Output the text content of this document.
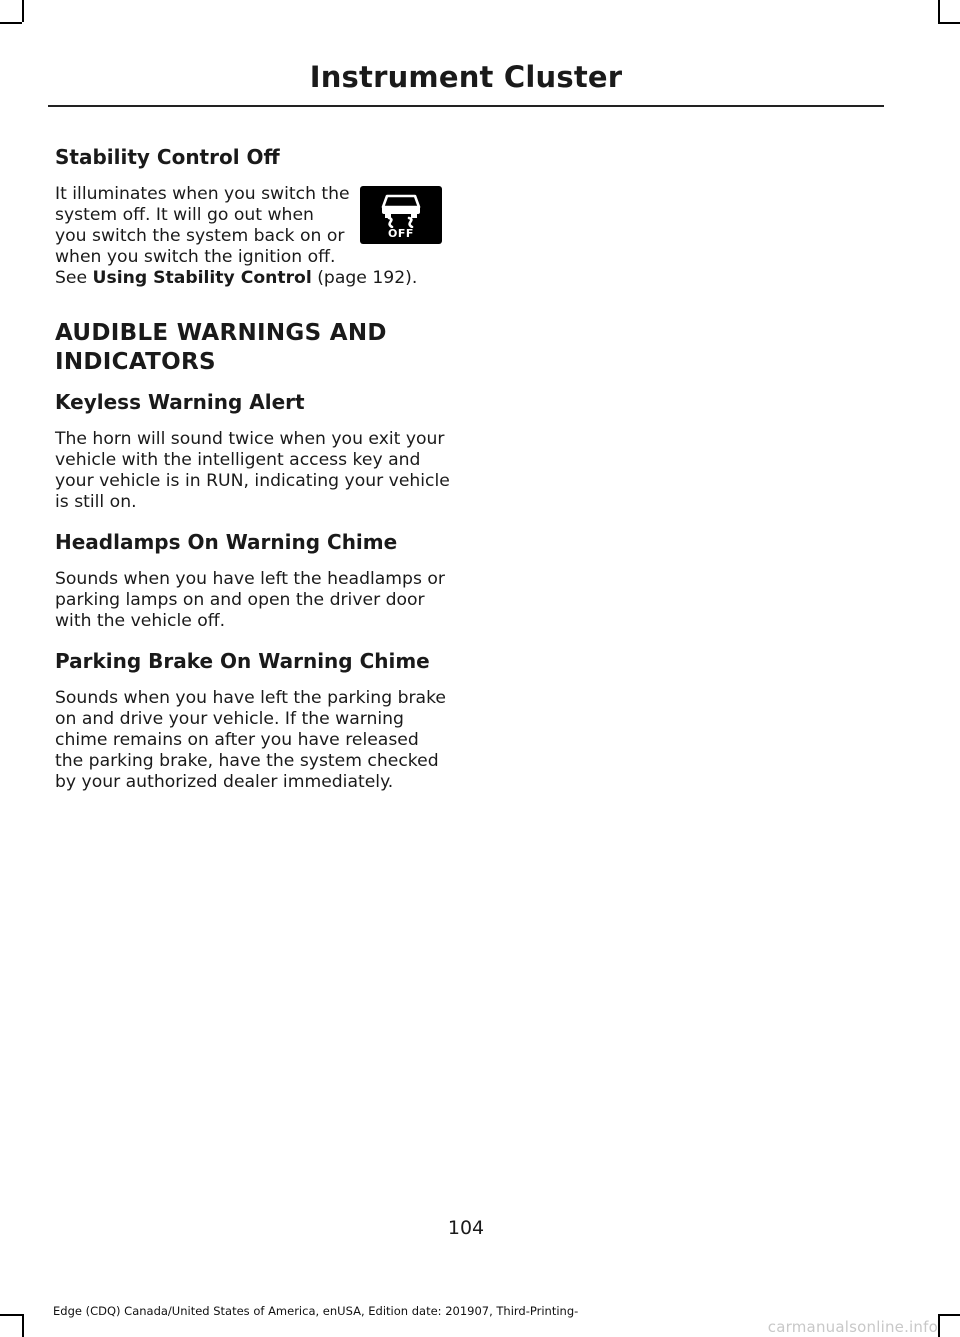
Instrument Cluster
Stability Control Off
OFF

It illuminates when you switch the system off. It will go out when you switch the system back on or when you switch the ignition off. See Using Stability Control (page 192).

AUDIBLE WARNINGS AND
INDICATORS
Keyless Warning Alert

The horn will sound twice when you exit your vehicle with the intelligent access key and your vehicle is in RUN, indicating your vehicle is still on.

Headlamps On Warning Chime

Sounds when you have left the headlamps or parking lamps on and open the driver door with the vehicle off.

Parking Brake On Warning Chime

Sounds when you have left the parking brake on and drive your vehicle. If the warning chime remains on after you have released the parking brake, have the system checked by your authorized dealer immediately.

104
Edge (CDQ) Canada/United States of America, enUSA, Edition date: 201907, Third-Printing-
carmanualsonline.info
